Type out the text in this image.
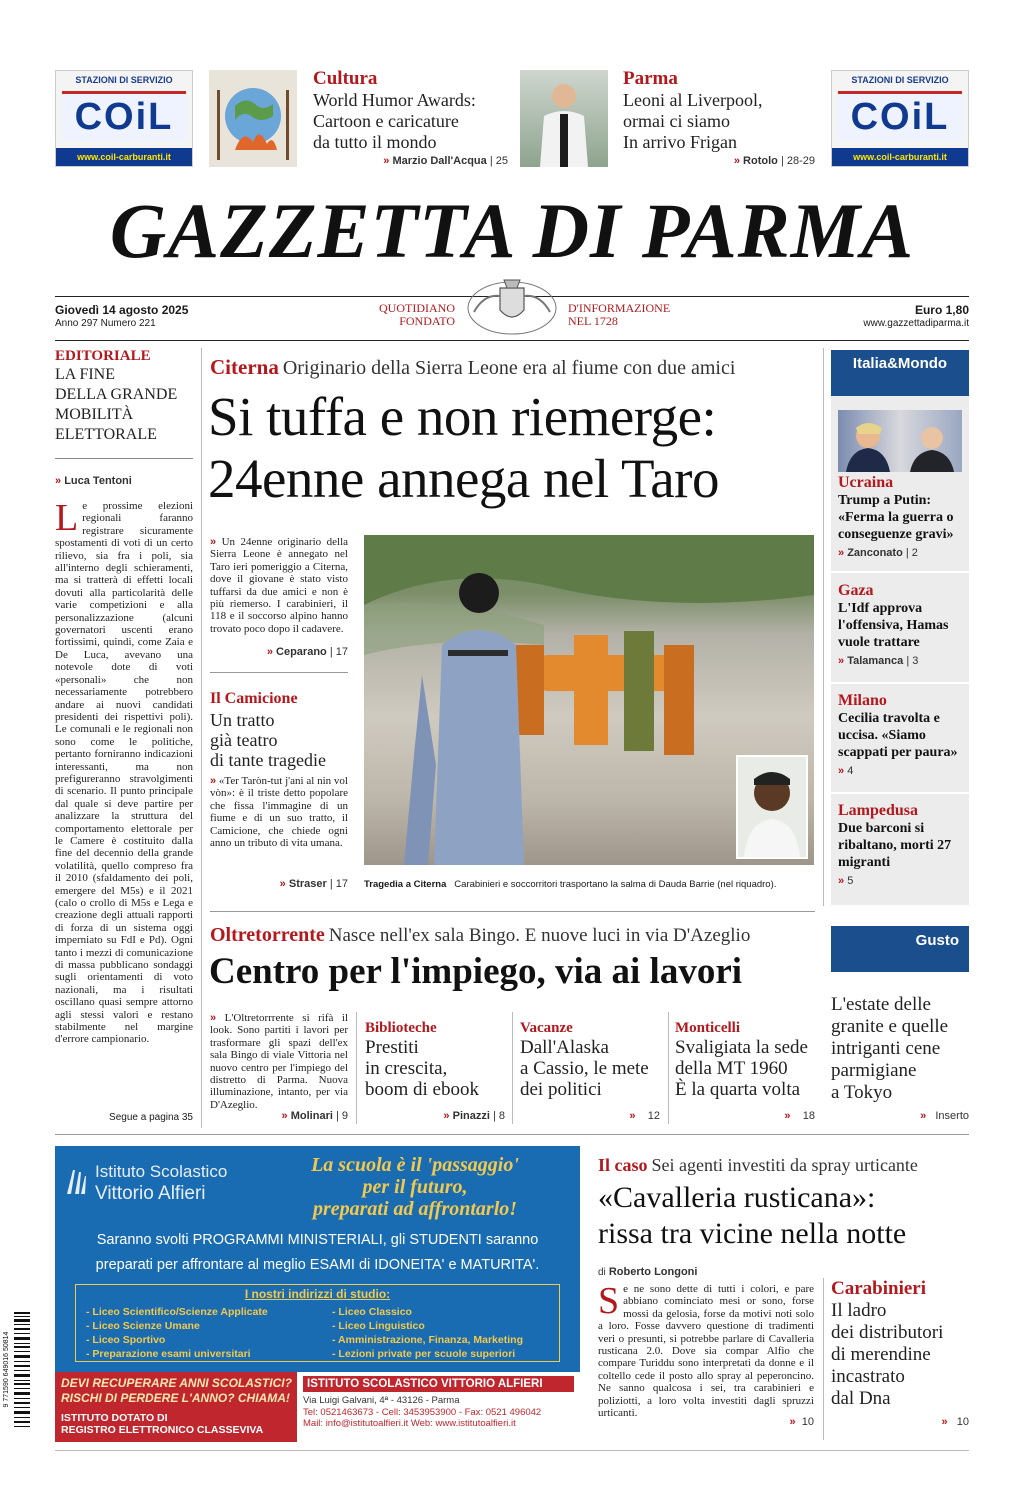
STAZIONI DI SERVIZIO
COiL
www.coil-carburanti.it
Cultura
World Humor Awards:
Cartoon e caricature
da tutto il mondo
» Marzio Dall'Acqua | 25
Parma
Leoni al Liverpool,
ormai ci siamo
In arrivo Frigan
» Rotolo | 28-29
STAZIONI DI SERVIZIO
COiL
www.coil-carburanti.it
GAZZETTA DI PARMA
Giovedì 14 agosto 2025
Anno 297 Numero 221
QUOTIDIANO
FONDATO
D'INFORMAZIONE
NEL 1728
Euro 1,80
www.gazzettadiparma.it
EDITORIALE
LA FINE
DELLA GRANDE
MOBILITÀ
ELETTORALE
» Luca Tentoni
Le prossime elezioni regionali faranno registrare sicuramente spostamenti di voti di un certo rilievo, sia fra i poli, sia all'interno degli schieramenti, ma si tratterà di effetti locali dovuti alla particolarità delle varie competizioni e alla personalizzazione (alcuni governatori uscenti erano fortissimi, quindi, come Zaia e De Luca, avevano una notevole dote di voti «personali» che non necessariamente potrebbero andare ai nuovi candidati presidenti dei rispettivi poli). Le comunali e le regionali non sono come le politiche, pertanto forniranno indicazioni interessanti, ma non prefigureranno stravolgimenti di scenario. Il punto principale dal quale si deve partire per analizzare la struttura del comportamento elettorale per le Camere è costituito dalla fine del decennio della grande volatilità, quello compreso fra il 2010 (sfaldamento dei poli, emergere del M5s) e il 2021 (calo o crollo di M5s e Lega e creazione degli attuali rapporti di forza di un sistema oggi imperniato su FdI e Pd). Ogni tanto i mezzi di comunicazione di massa pubblicano sondaggi sugli orientamenti di voto nazionali, ma i risultati oscillano quasi sempre attorno agli stessi valori e restano stabilmente nel margine d'errore campionario.
Segue a pagina 35
Citerna Originario della Sierra Leone era al fiume con due amici
Si tuffa e non riemerge:
24enne annega nel Taro
» Un 24enne originario della Sierra Leone è annegato nel Taro ieri pomeriggio a Citerna, dove il giovane è stato visto tuffarsi da due amici e non è più riemerso. I carabinieri, il 118 e il soccorso alpino hanno trovato poco dopo il cadavere.
» Ceparano | 17
Il Camicione
Un tratto
già teatro
di tante tragedie
» «Ter Taròn-tut j'ani al nin vol vòn»: è il triste detto popolare che fissa l'immagine di un fiume e di un suo tratto, il Camicione, che chiede ogni anno un tributo di vita umana.
» Straser | 17 Tragedia a Citerna Carabinieri e soccorritori trasportano la salma di Dauda Barrie (nel riquadro).
Italia&Mondo
Ucraina
Trump a Putin: «Ferma la guerra o conseguenze gravi»
» Zanconato | 2
Gaza
L'Idf approva l'offensiva, Hamas vuole trattare
» Talamanca | 3
Milano
Cecilia travolta e uccisa. «Siamo scappati per paura»
» 4
Lampedusa
Due barconi si ribaltano, morti 27 migranti
» 5
Oltretorrente Nasce nell'ex sala Bingo. E nuove luci in via D'Azeglio
Centro per l'impiego, via ai lavori
» L'Oltretorrrente si rifà il look. Sono partiti i lavori per trasformare gli spazi dell'ex sala Bingo di viale Vittoria nel nuovo centro per l'impiego del distretto di Parma. Nuova illuminazione, intanto, per via D'Azeglio.
» Molinari | 9
Biblioteche
Prestiti
in crescita,
boom di ebook
» Pinazzi | 8
Vacanze
Dall'Alaska
a Cassio, le mete
dei politici
» 12
Monticelli
Svaligiata la sede
della MT 1960
È la quarta volta
» 18
Gusto
L'estate delle
granite e quelle
intriganti cene
parmigiane
a Tokyo
» Inserto
Istituto Scolastico
Vittorio Alfieri
La scuola è il 'passaggio'
per il futuro,
preparati ad affrontarlo!
Saranno svolti PROGRAMMI MINISTERIALI, gli STUDENTI saranno
preparati per affrontare al meglio ESAMI di IDONEITA' e MATURITA'.
I nostri indirizzi di studio:
- Liceo Scientifico/Scienze Applicate
- Liceo Scienze Umane
- Liceo Sportivo
- Preparazione esami universitari
- Liceo Classico
- Liceo Linguistico
- Amministrazione, Finanza, Marketing
- Lezioni private per scuole superiori
DEVI RECUPERARE ANNI SCOLASTICI?
RISCHI DI PERDERE L'ANNO? CHIAMA!
ISTITUTO DOTATO DI
REGISTRO ELETTRONICO CLASSEVIVA
ISTITUTO SCOLASTICO VITTORIO ALFIERI
Via Luigi Galvani, 4ª - 43126 - Parma
Tel: 0521463673 - Cell: 3453953900 - Fax: 0521 496042
Mail: info@istitutoalfieri.it Web: www.istitutoalfieri.it
9 771590 649016 50814
Il caso Sei agenti investiti da spray urticante
«Cavalleria rusticana»:
rissa tra vicine nella notte
di Roberto Longoni
Se ne sono dette di tutti i colori, e pare abbiano cominciato mesi or sono, forse mossi da gelosia, forse da motivi noti solo a loro. Fosse davvero questione di tradimenti veri o presunti, si potrebbe parlare di Cavalleria rusticana 2.0. Dove sia compar Alfio che compare Turiddu sono interpretati da donne e il coltello cede il posto allo spray al peperoncino. Ne sanno qualcosa i sei, tra carabinieri e poliziotti, a loro volta investiti dagli spruzzi urticanti.
» 10
Carabinieri
Il ladro
dei distributori
di merendine
incastrato
dal Dna
» 10
